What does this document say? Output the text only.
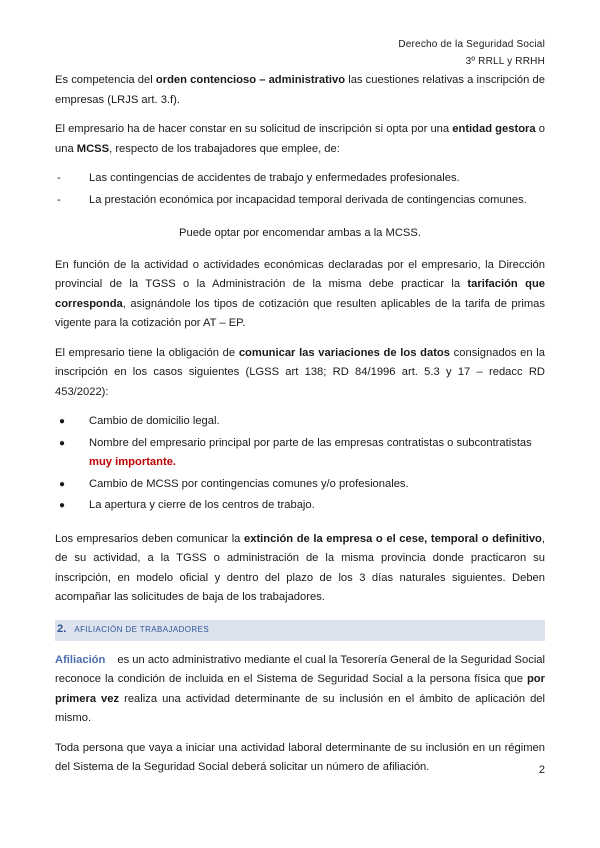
Derecho de la Seguridad Social
3º RRLL y RRHH

Es competencia del orden contencioso – administrativo las cuestiones relativas a inscripción de empresas (LRJS art. 3.f).

El empresario ha de hacer constar en su solicitud de inscripción si opta por una entidad gestora o una MCSS, respecto de los trabajadores que emplee, de:

- Las contingencias de accidentes de trabajo y enfermedades profesionales.
- La prestación económica por incapacidad temporal derivada de contingencias comunes.

Puede optar por encomendar ambas a la MCSS.

En función de la actividad o actividades económicas declaradas por el empresario, la Dirección provincial de la TGSS o la Administración de la misma debe practicar la tarifación que corresponda, asignándole los tipos de cotización que resulten aplicables de la tarifa de primas vigente para la cotización por AT – EP.

El empresario tiene la obligación de comunicar las variaciones de los datos consignados en la inscripción en los casos siguientes (LGSS art 138; RD 84/1996 art. 5.3 y 17 – redacc RD 453/2022):

● Cambio de domicilio legal.
● Nombre del empresario principal por parte de las empresas contratistas o subcontratistas muy importante.
● Cambio de MCSS por contingencias comunes y/o profesionales.
● La apertura y cierre de los centros de trabajo.

Los empresarios deben comunicar la extinción de la empresa o el cese, temporal o definitivo, de su actividad, a la TGSS o administración de la misma provincia donde practicaron su inscripción, en modelo oficial y dentro del plazo de los 3 días naturales siguientes. Deben acompañar las solicitudes de baja de los trabajadores.

2. AFILIACIÓN DE TRABAJADORES

Afiliación es un acto administrativo mediante el cual la Tesorería General de la Seguridad Social reconoce la condición de incluida en el Sistema de Seguridad Social a la persona física que por primera vez realiza una actividad determinante de su inclusión en el ámbito de aplicación del mismo.

Toda persona que vaya a iniciar una actividad laboral determinante de su inclusión en un régimen del Sistema de la Seguridad Social deberá solicitar un número de afiliación.	2
